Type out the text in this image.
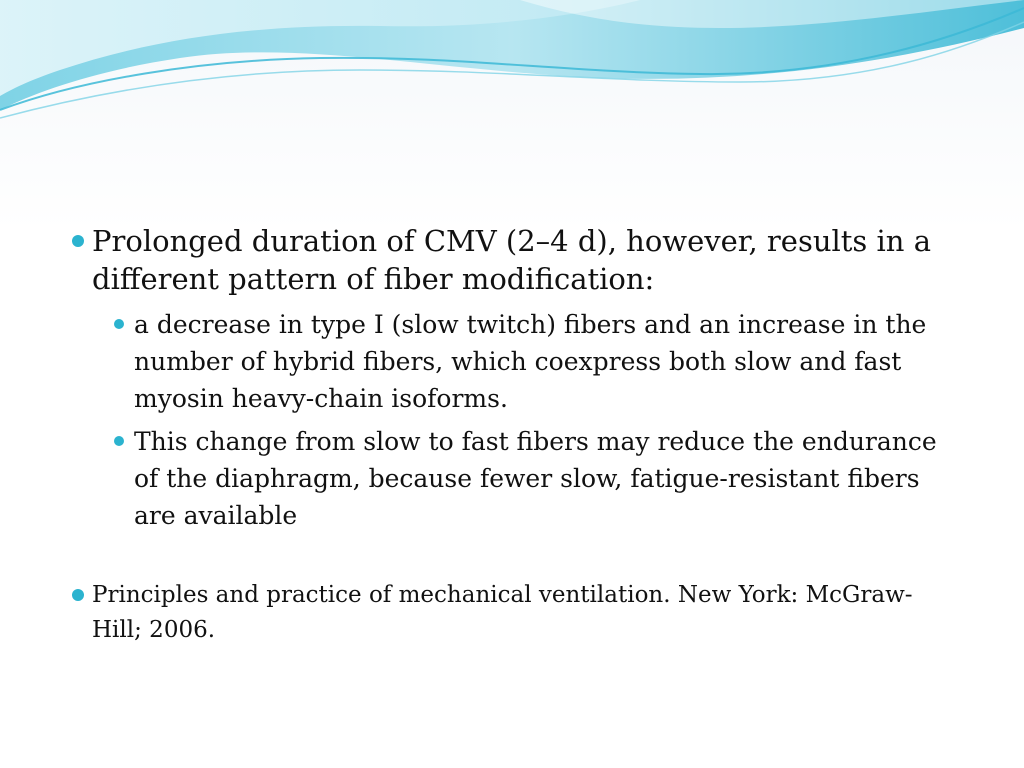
Prolonged duration of CMV (2–4 d), however, results in a different pattern of fiber modification:
a decrease in type I (slow twitch) fibers and an increase in the number of hybrid fibers, which coexpress both slow and fast myosin heavy-chain isoforms.
This change from slow to fast fibers may reduce the endurance of the diaphragm, because fewer slow, fatigue-resistant fibers are available
Principles and practice of mechanical ventilation. New York: McGraw-Hill; 2006.
